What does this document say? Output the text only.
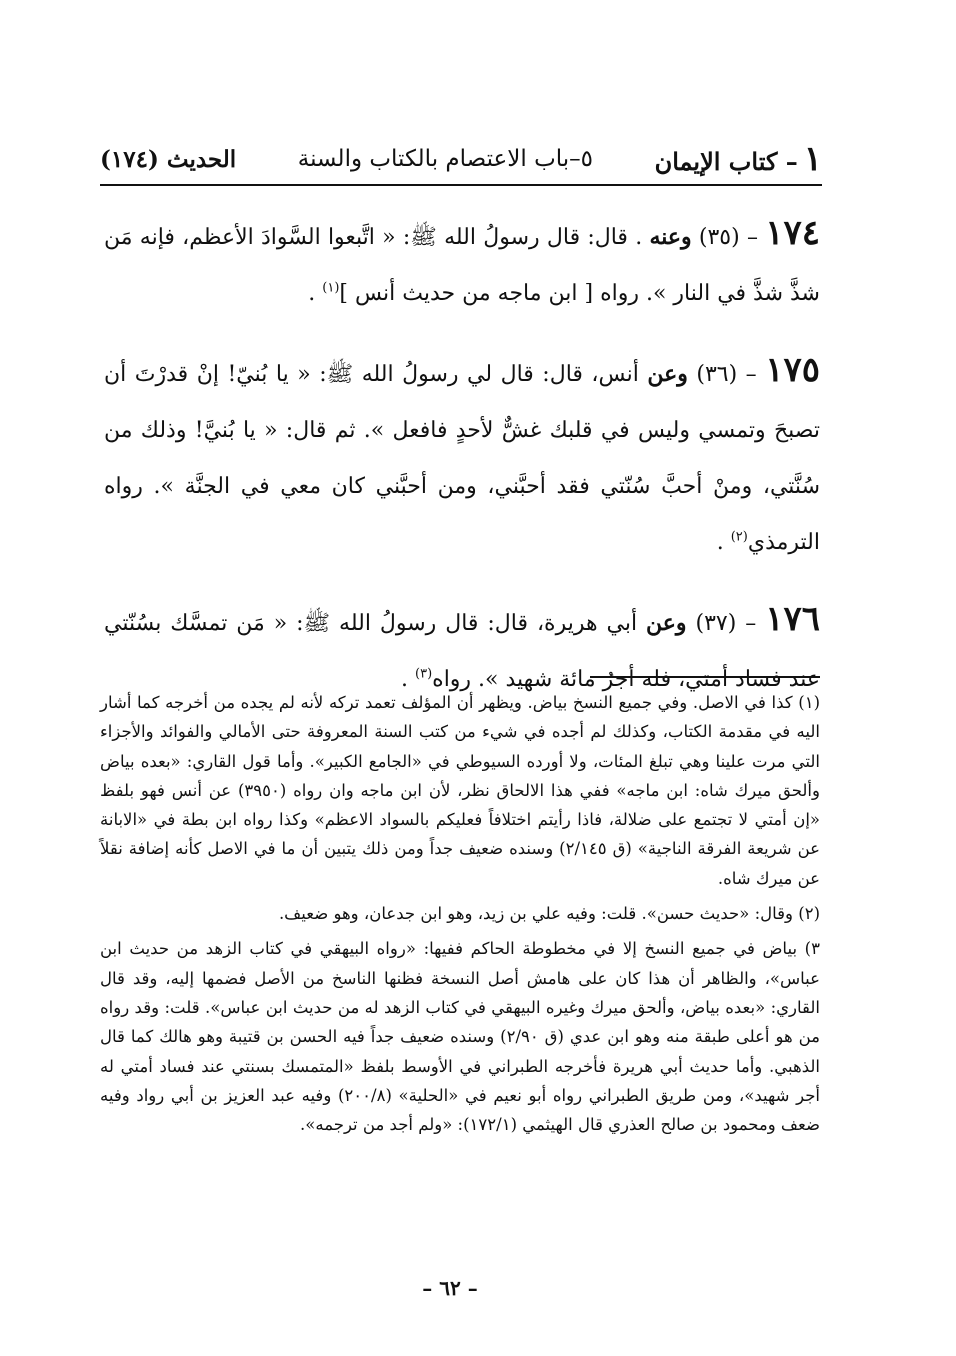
١– كتاب الإيمان
٥–باب الاعتصام بالكتاب والسنة
الحديث (١٧٤)

١٧٤ – (٣٥) وعنه . قال: قال رسولُ الله ﷺ: « اتَّبعوا السَّوادَ الأعظم، فإنه مَن شذَّ شذَّ في النار ». رواه [ ابن ماجه من حديث أنس ]$^{(١)}$ .

١٧٥ – (٣٦) وعن أنس، قال: قال لي رسولُ الله ﷺ: « يا بُنيّ! إنْ قدرْتَ أن تصبحَ وتمسي وليس في قلبك غشٌّ لأحدٍ فافعل ». ثم قال: « يا بُنيَّ! وذلك من سُنَّتي، ومنْ أحبَّ سُنّتي فقد أحبَّني، ومن أحبَّني كان معي في الجنَّة ». رواه الترمذي$^{(٢)}$ .

١٧٦ – (٣٧) وعن أبي هريرة، قال: قال رسولُ الله ﷺ: « مَن تمسَّك بسُنّتي عند فساد أمتي، فله أجرُ مائة شهيد ». رواه$^{(٣)}$ .

(١) كذا في الاصل. وفي جميع النسخ بياض. ويظهر أن المؤلف تعمد تركه لأنه لم يجده من أخرجه كما أشار اليه في مقدمة الكتاب، وكذلك لم أجده في شيء من كتب السنة المعروفة حتى الأمالي والفوائد والأجزاء التي مرت علينا وهي تبلغ المئات، ولا أورده السيوطي في «الجامع الكبير». وأما قول القاري: «بعده بياض وألحق ميرك شاه: ابن ماجه» ففي هذا الالحاق نظر، لأن ابن ماجه وان رواه (٣٩٥٠) عن أنس فهو بلفظ «إن أمتي لا تجتمع على ضلالة، فاذا رأيتم اختلافاً فعليكم بالسواد الاعظم» وكذا رواه ابن بطة في «الابانة عن شريعة الفرقة الناجية» (ق ٢/١٤٥) وسنده ضعيف جداً ومن ذلك يتبين أن ما في الاصل كأنه إضافة نقلاً عن ميرك شاه.

(٢) وقال: «حديث حسن». قلت: وفيه علي بن زيد، وهو ابن جدعان، وهو ضعيف.

٣) بياض في جميع النسخ إلا في مخطوطة الحاكم ففيها: «رواه البيهقي في كتاب الزهد من حديث ابن عباس»، والظاهر أن هذا كان على هامش أصل النسخة فظنها الناسخ من الأصل فضمها إليه، وقد قال القاري: «بعده بياض، وألحق ميرك وغيره البيهقي في كتاب الزهد له من حديث ابن عباس». قلت: وقد رواه من هو أعلى طبقة منه وهو ابن عدي (ق ٢/٩٠) وسنده ضعيف جداً فيه الحسن بن قتيبة وهو هالك كما قال الذهبي. وأما حديث أبي هريرة فأخرجه الطبراني في الأوسط بلفظ «المتمسك بسنتي عند فساد أمتي له أجر شهيد»، ومن طريق الطبراني رواه أبو نعيم في «الحلية» (٢٠٠/٨) وفيه عبد العزيز بن أبي رواد وفيه ضعف ومحمود بن صالح العذري قال الهيثمي (١٧٢/١): «ولم أجد من ترجمه».

– ٦٢ –
